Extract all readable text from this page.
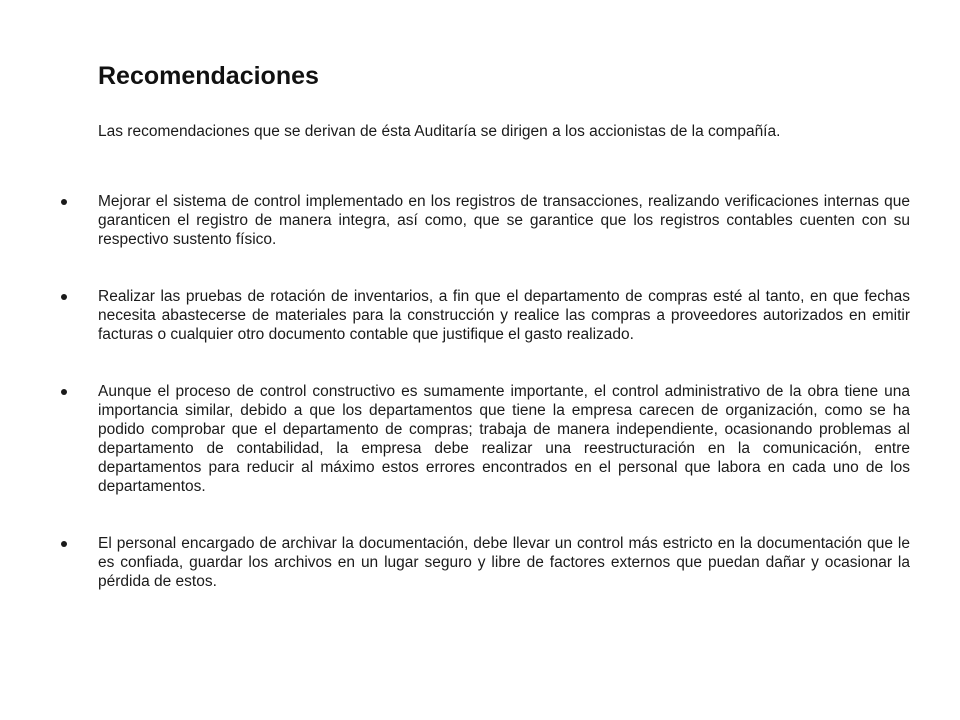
Recomendaciones

Las recomendaciones que se derivan de ésta Auditaría se dirigen a los accionistas de la compañía.

Mejorar el sistema de control implementado en los registros de transacciones, realizando verificaciones internas que garanticen el registro de manera integra, así como, que se garantice que los registros contables cuenten con su respectivo sustento físico.
Realizar las pruebas de rotación de inventarios, a fin que el departamento de compras esté al tanto, en que fechas necesita abastecerse de materiales para la construcción y realice las compras a proveedores autorizados en emitir facturas o cualquier otro documento contable que justifique el gasto realizado.
Aunque el proceso de control constructivo es sumamente importante, el control administrativo de la obra tiene una importancia similar, debido a que los departamentos que tiene la empresa carecen de organización, como se ha podido comprobar que el departamento de compras; trabaja de manera independiente, ocasionando problemas al departamento de contabilidad, la empresa debe realizar una reestructuración en la comunicación, entre departamentos para reducir al máximo estos errores encontrados en el personal que labora en cada uno de los departamentos.
El personal encargado de archivar la documentación, debe llevar un control más estricto en la documentación que le es confiada, guardar los archivos en un lugar seguro y libre de factores externos que puedan dañar y ocasionar la pérdida de estos.
